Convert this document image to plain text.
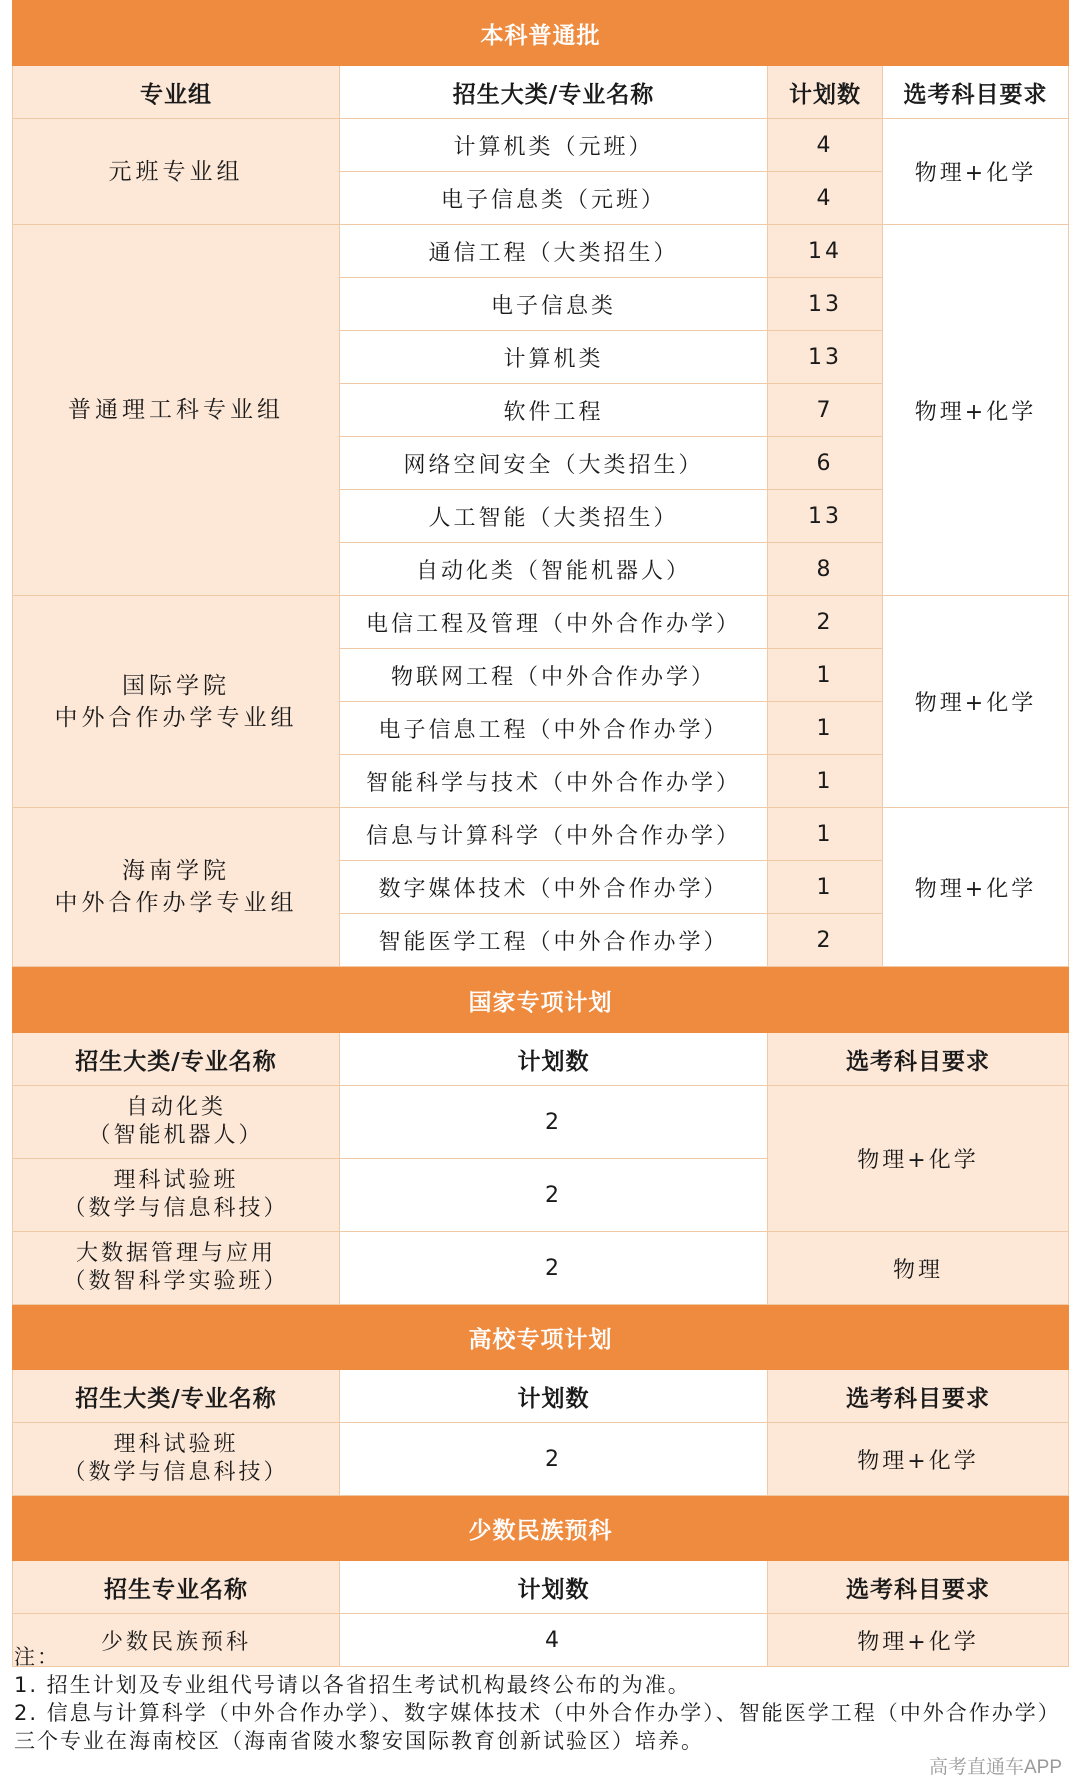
本科普通批			
专业组	招生大类/专业名称	计划数	选考科目要求
元班专业组	计算机类（元班）	4	物理+化学
	电子信息类（元班）	4	
普通理工科专业组	通信工程（大类招生）	14	物理+化学
	电子信息类	13	
	计算机类	13	
	软件工程	7	
	网络空间安全（大类招生）	6	
	人工智能（大类招生）	13	
	自动化类（智能机器人）	8	

国际学院
中外合作办学专业组	电信工程及管理（中外合作办学）	2	物理+化学
	物联网工程（中外合作办学）	1	
	电子信息工程（中外合作办学）	1	
	智能科学与技术（中外合作办学）	1	

海南学院
中外合作办学专业组	信息与计算科学（中外合作办学）	1	物理+化学
	数字媒体技术（中外合作办学）	1	
	智能医学工程（中外合作办学）	2	
国家专项计划		
招生大类/专业名称	计划数	选考科目要求

自动化类
（智能机器人）	2	物理+化学

理科试验班
（数学与信息科技）	2	

大数据管理与应用
（数智科学实验班）	2	物理
高校专项计划		
招生大类/专业名称	计划数	选考科目要求

理科试验班
（数学与信息科技）	2	物理+化学
少数民族预科		
招生专业名称	计划数	选考科目要求
少数民族预科	4	物理+化学
注：
1. 招生计划及专业组代号请以各省招生考试机构最终公布的为准。
2. 信息与计算科学（中外合作办学）、数字媒体技术（中外合作办学）、智能医学工程（中外合作办学）三个专业在海南校区（海南省陵水黎安国际教育创新试验区）培养。
高考直通车APP
